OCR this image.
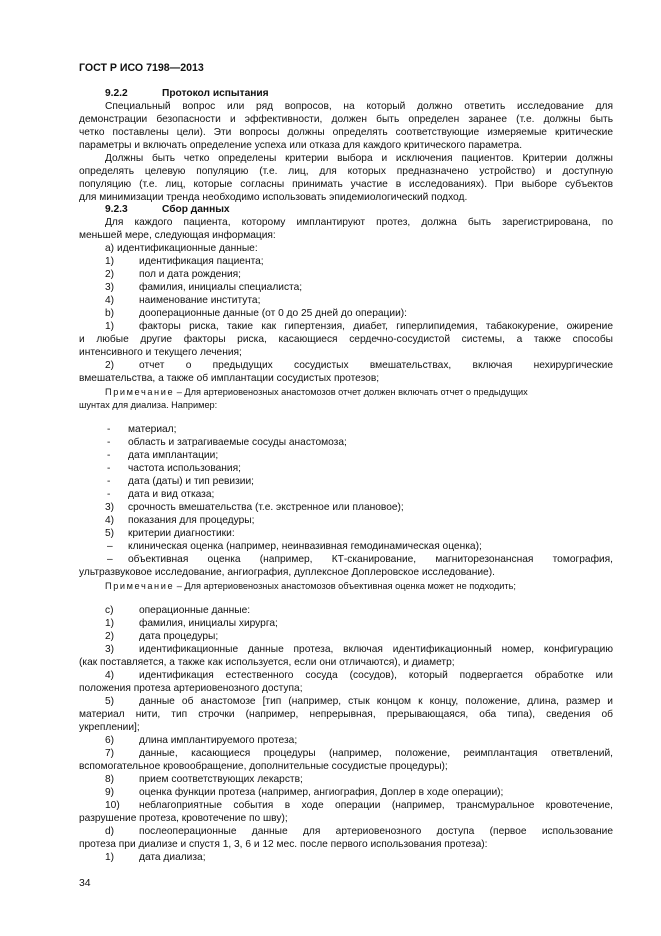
ГОСТ Р ИСО 7198—2013
9.2.2	Протокол испытания
Специальный вопрос или ряд вопросов, на который должно ответить исследование для
демонстрации безопасности и эффективности, должен быть определен заранее (т.е. должны быть
четко поставлены цели). Эти вопросы должны определять соответствующие измеряемые критические
параметры и включать определение успеха или отказа для каждого критического параметра.
Должны быть четко определены критерии выбора и исключения пациентов. Критерии должны
определять целевую популяцию (т.е. лиц, для которых предназначено устройство) и доступную
популяцию (т.е. лиц, которые согласны принимать участие в исследованиях). При выборе субъектов
для минимизации тренда необходимо использовать эпидемиологический подход.
9.2.3	Сбор данных
Для каждого пациента, которому имплантируют протез, должна быть зарегистрирована, по
меньшей мере, следующая информация:
а) идентификационные данные:
1) идентификация пациента;
2) пол и дата рождения;
3) фамилия, инициалы специалиста;
4) наименование института;
b) дооперационные данные (от 0 до 25 дней до операции):
1) факторы риска, такие как гипертензия, диабет, гиперлипидемия, табакокурение, ожирение
и любые другие факторы риска, касающиеся сердечно-сосудистой системы, а также способы
интенсивного и текущего лечения;
2) отчет о предыдущих сосудистых вмешательствах, включая нехирургические
вмешательства, а также об имплантации сосудистых протезов;
Примечание – Для артериовенозных анастомозов отчет должен включать отчет о предыдущих
шунтах для диализа. Например:
- материал;
- область и затрагиваемые сосуды анастомоза;
- дата имплантации;
- частота использования;
- дата (даты) и тип ревизии;
- дата и вид отказа;
3) срочность вмешательства (т.е. экстренное или плановое);
4) показания для процедуры;
5) критерии диагностики:
– клиническая оценка (например, неинвазивная гемодинамическая оценка);
– объективная оценка (например, КТ-сканирование, магниторезонансная томография,
ультразвуковое исследование, ангиография, дуплексное Доплеровское исследование).
Примечание – Для артериовенозных анастомозов объективная оценка может не подходить;
с)	операционные данные:
1) фамилия, инициалы хирурга;
2) дата процедуры;
3) идентификационные данные протеза, включая идентификационный номер, конфигурацию
(как поставляется, а также как используется, если они отличаются), и диаметр;
4) идентификация естественного сосуда (сосудов), который подвергается обработке или
положения протеза артериовенозного доступа;
5) данные об анастомозе [тип (например, стык концом к концу, положение, длина, размер и
материал нити, тип строчки (например, непрерывная, прерывающаяся, оба типа), сведения об
укреплении];
6) длина имплантируемого протеза;
7) данные, касающиеся процедуры (например, положение, реимплантация ответвлений,
вспомогательное кровообращение, дополнительные сосудистые процедуры);
8) прием соответствующих лекарств;
9) оценка функции протеза (например, ангиография, Доплер в ходе операции);
10) неблагоприятные события в ходе операции (например, трансмуральное кровотечение,
разрушение протеза, кровотечение по шву);
d) послеоперационные данные для артериовенозного доступа (первое использование
протеза при диализе и спустя 1, 3, 6 и 12 мес. после первого использования протеза):
1) дата диализа;
34
